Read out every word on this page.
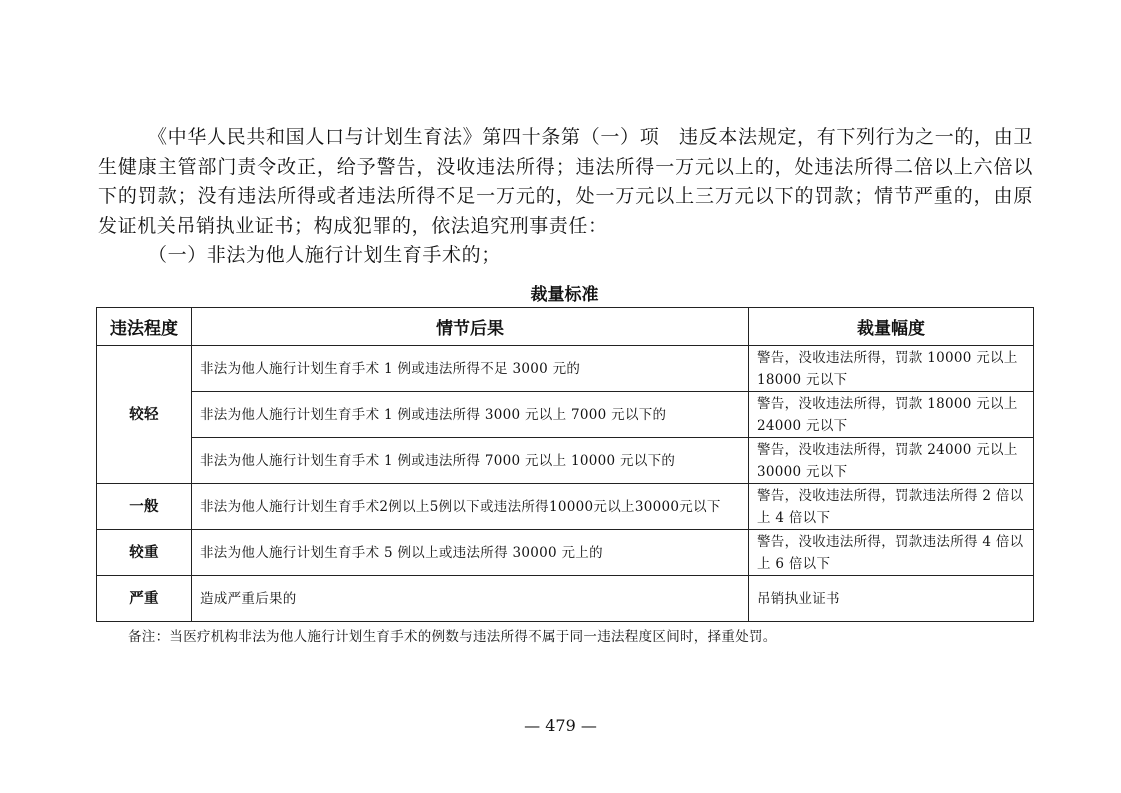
《中华人民共和国人口与计划生育法》第四十条第（一）项　违反本法规定，有下列行为之一的，由卫生健康主管部门责令改正，给予警告，没收违法所得；违法所得一万元以上的，处违法所得二倍以上六倍以下的罚款；没有违法所得或者违法所得不足一万元的，处一万元以上三万元以下的罚款；情节严重的，由原发证机关吊销执业证书；构成犯罪的，依法追究刑事责任：

（一）非法为他人施行计划生育手术的；

裁量标准
违法程度	情节后果	裁量幅度
较轻	非法为他人施行计划生育手术 1 例或违法所得不足 3000 元的	警告，没收违法所得，罚款 10000 元以上 18000 元以下
	非法为他人施行计划生育手术 1 例或违法所得 3000 元以上 7000 元以下的	警告，没收违法所得，罚款 18000 元以上 24000 元以下
	非法为他人施行计划生育手术 1 例或违法所得 7000 元以上 10000 元以下的	警告，没收违法所得，罚款 24000 元以上 30000 元以下
一般	非法为他人施行计划生育手术2例以上5例以下或违法所得10000元以上30000元以下	警告，没收违法所得，罚款违法所得 2 倍以上 4 倍以下
较重	非法为他人施行计划生育手术 5 例以上或违法所得 30000 元上的	警告，没收违法所得，罚款违法所得 4 倍以上 6 倍以下
严重	造成严重后果的	吊销执业证书
备注：当医疗机构非法为他人施行计划生育手术的例数与违法所得不属于同一违法程度区间时，择重处罚。
— 479 —
